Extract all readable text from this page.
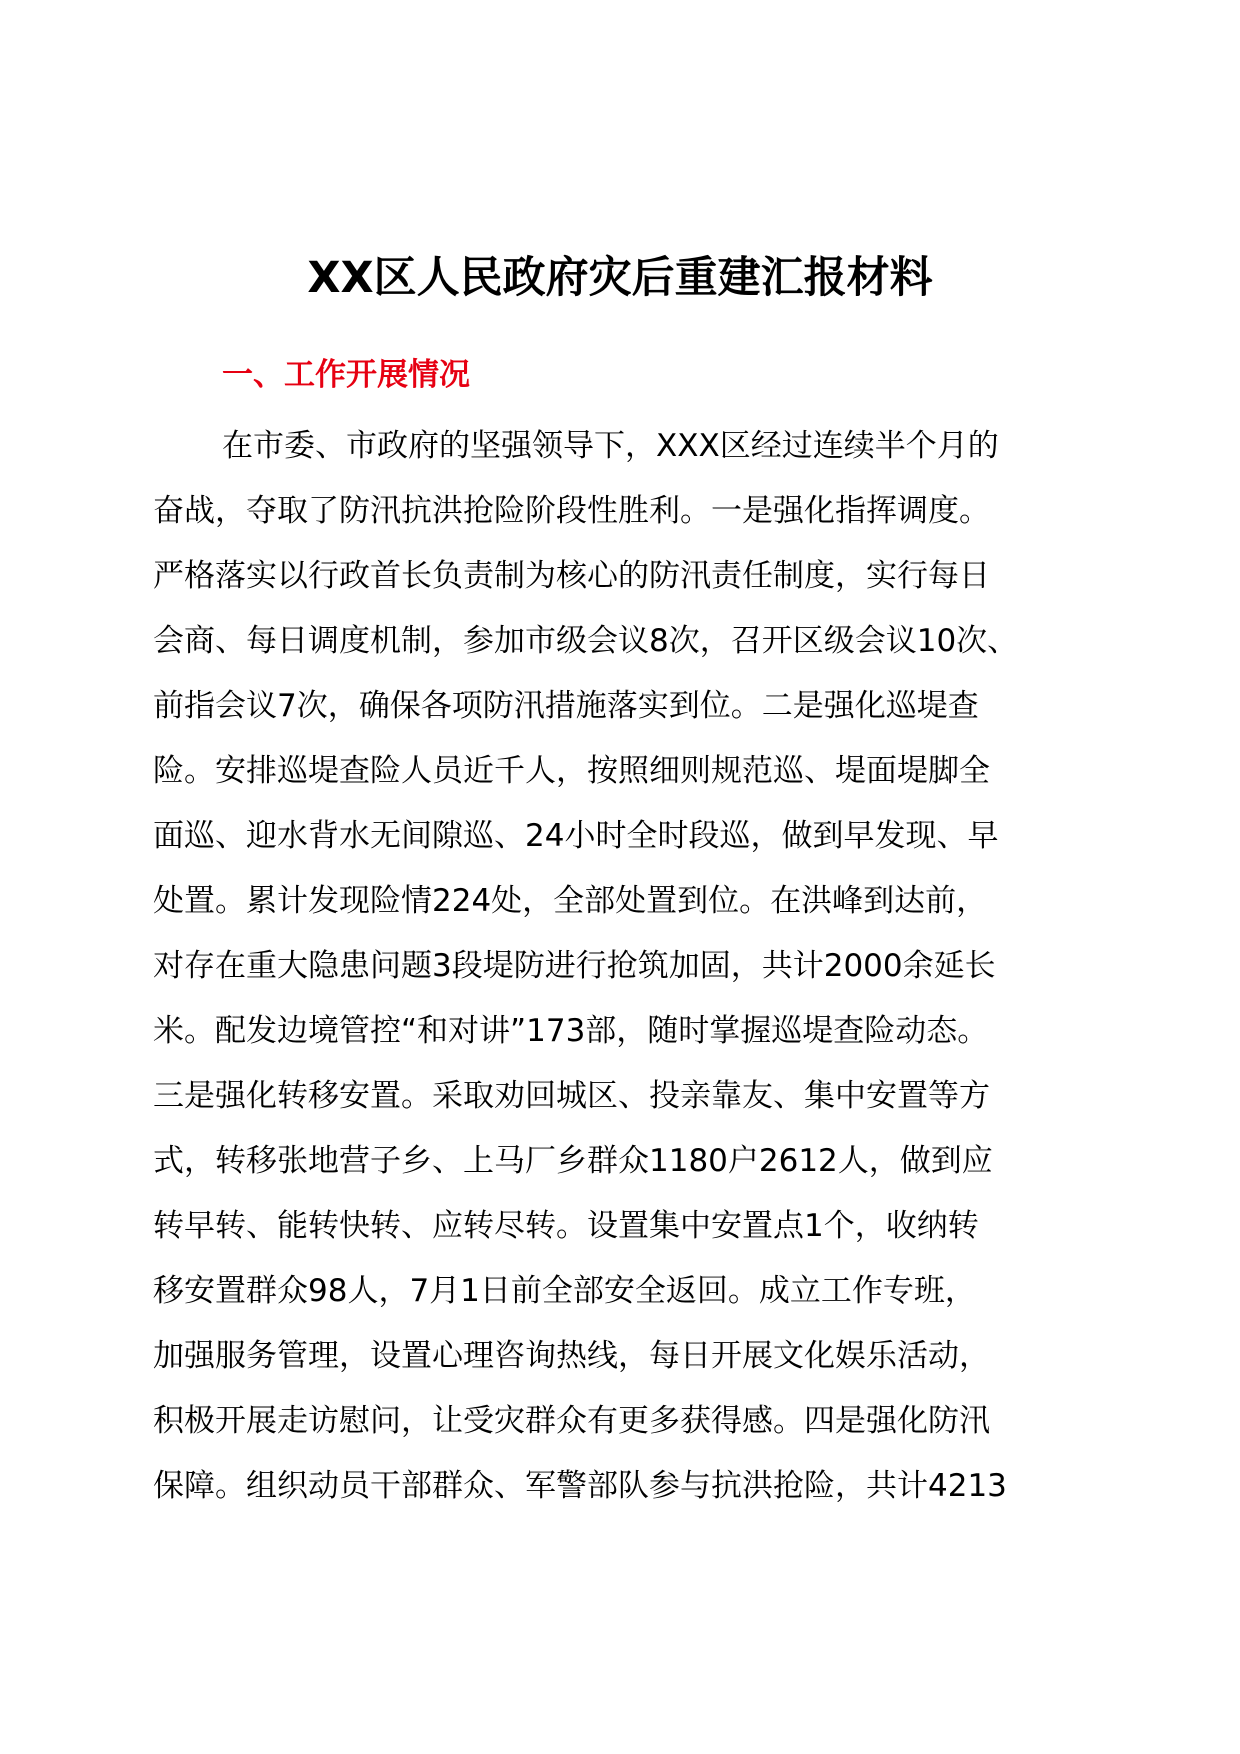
XX区人民政府灾后重建汇报材料
一、工作开展情况
在市委、市政府的坚强领导下，XXX区经过连续半个月的
奋战，夺取了防汛抗洪抢险阶段性胜利。一是强化指挥调度。
严格落实以行政首长负责制为核心的防汛责任制度，实行每日
会商、每日调度机制，参加市级会议8次，召开区级会议10次、
前指会议7次，确保各项防汛措施落实到位。二是强化巡堤查
险。安排巡堤查险人员近千人，按照细则规范巡、堤面堤脚全
面巡、迎水背水无间隙巡、24小时全时段巡，做到早发现、早
处置。累计发现险情224处，全部处置到位。在洪峰到达前，
对存在重大隐患问题3段堤防进行抢筑加固，共计2000余延长
米。配发边境管控“和对讲”173部，随时掌握巡堤查险动态。
三是强化转移安置。采取劝回城区、投亲靠友、集中安置等方
式，转移张地营子乡、上马厂乡群众1180户2612人，做到应
转早转、能转快转、应转尽转。设置集中安置点1个，收纳转
移安置群众98人，7月1日前全部安全返回。成立工作专班，
加强服务管理，设置心理咨询热线，每日开展文化娱乐活动，
积极开展走访慰问，让受灾群众有更多获得感。四是强化防汛
保障。组织动员干部群众、军警部队参与抗洪抢险，共计4213
